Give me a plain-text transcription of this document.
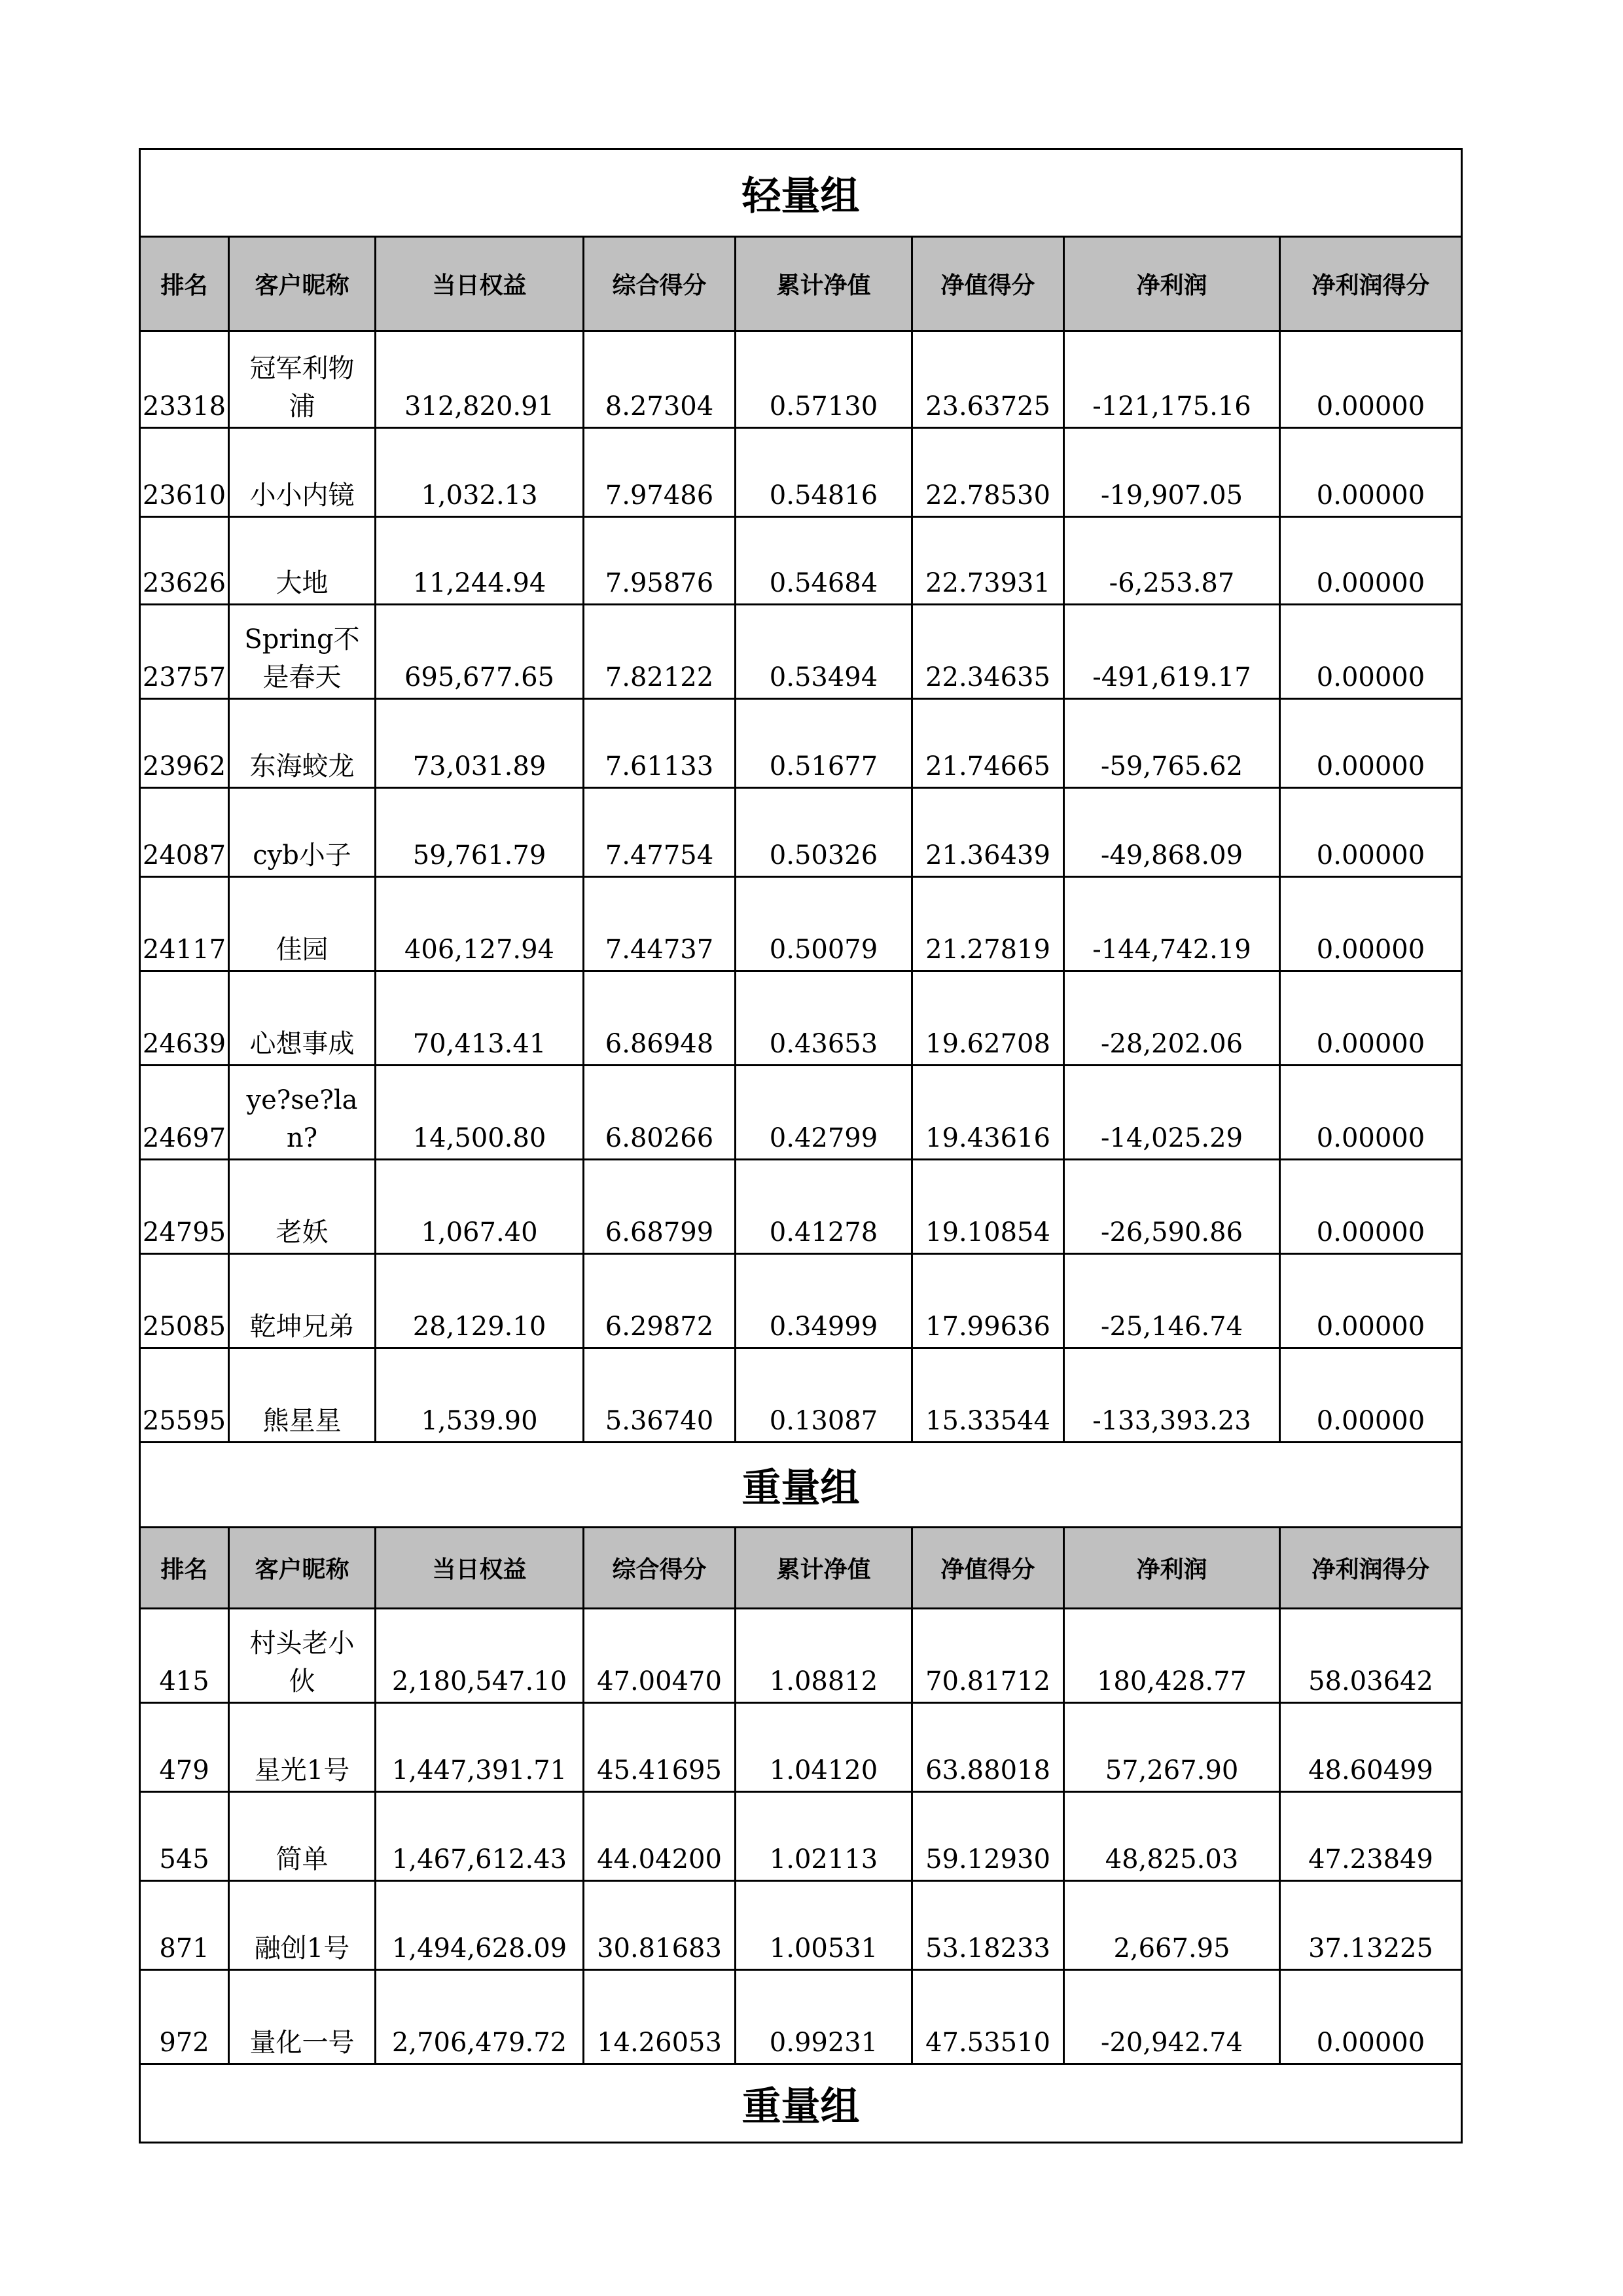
轻量组							
排名	客户昵称	当日权益	综合得分	累计净值	净值得分	净利润	净利润得分
23318	冠军利物浦	312,820.91	8.27304	0.57130	23.63725	-121,175.16	0.00000
23610	小小内镜	1,032.13	7.97486	0.54816	22.78530	-19,907.05	0.00000
23626	大地	11,244.94	7.95876	0.54684	22.73931	-6,253.87	0.00000
23757	Spring不是春天	695,677.65	7.82122	0.53494	22.34635	-491,619.17	0.00000
23962	东海蛟龙	73,031.89	7.61133	0.51677	21.74665	-59,765.62	0.00000
24087	cyb小子	59,761.79	7.47754	0.50326	21.36439	-49,868.09	0.00000
24117	佳园	406,127.94	7.44737	0.50079	21.27819	-144,742.19	0.00000
24639	心想事成	70,413.41	6.86948	0.43653	19.62708	-28,202.06	0.00000
24697	ye?se?lan?	14,500.80	6.80266	0.42799	19.43616	-14,025.29	0.00000
24795	老妖	1,067.40	6.68799	0.41278	19.10854	-26,590.86	0.00000
25085	乾坤兄弟	28,129.10	6.29872	0.34999	17.99636	-25,146.74	0.00000
25595	熊星星	1,539.90	5.36740	0.13087	15.33544	-133,393.23	0.00000
重量组							
排名	客户昵称	当日权益	综合得分	累计净值	净值得分	净利润	净利润得分
415	村头老小伙	2,180,547.10	47.00470	1.08812	70.81712	180,428.77	58.03642
479	星光1号	1,447,391.71	45.41695	1.04120	63.88018	57,267.90	48.60499
545	简单	1,467,612.43	44.04200	1.02113	59.12930	48,825.03	47.23849
871	融创1号	1,494,628.09	30.81683	1.00531	53.18233	2,667.95	37.13225
972	量化一号	2,706,479.72	14.26053	0.99231	47.53510	-20,942.74	0.00000
重量组							
